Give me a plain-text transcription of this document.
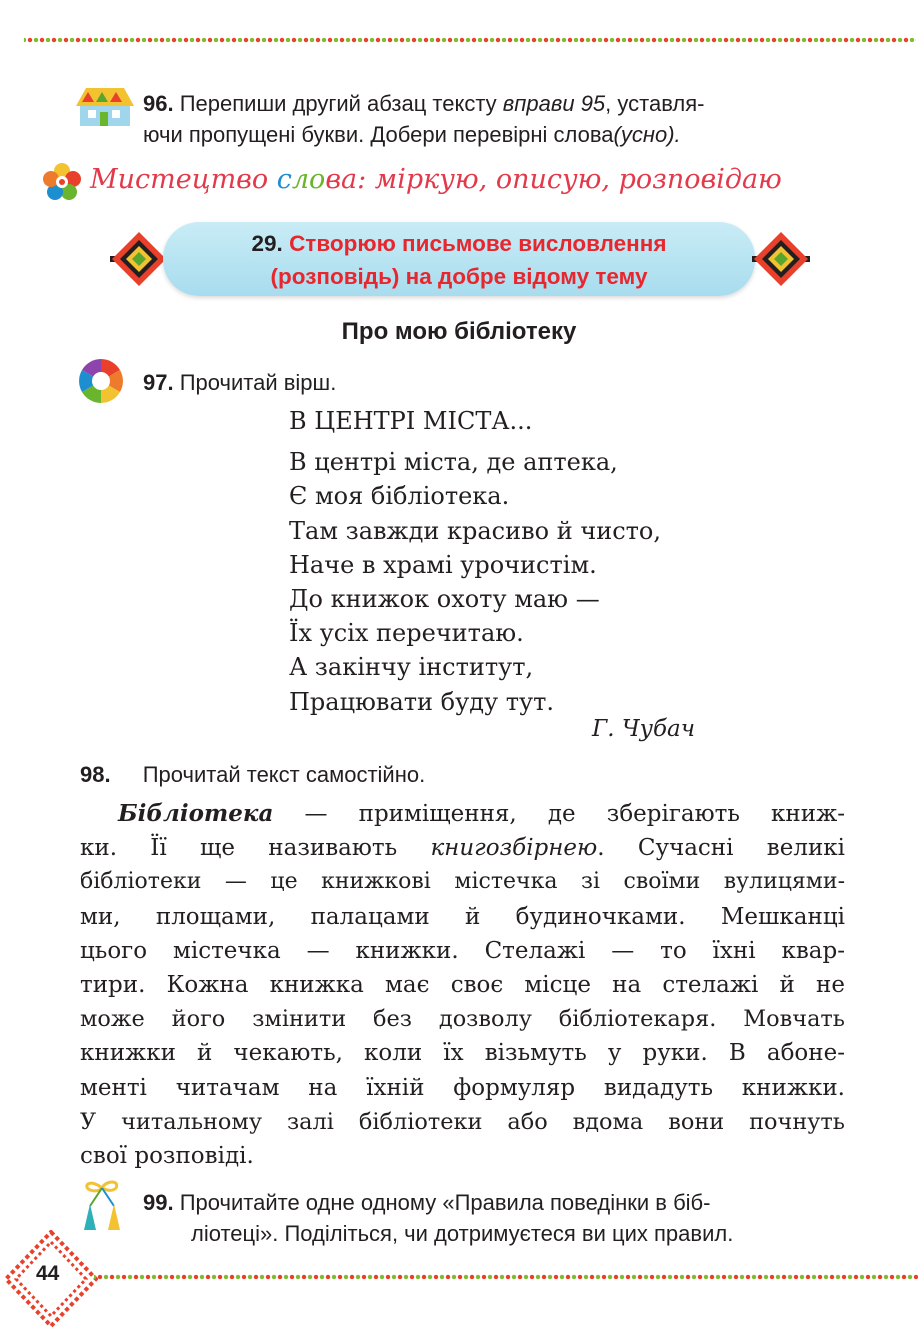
96. Перепиши другий абзац тексту вправи 95, уставля-
ючи пропущені букви. Добери перевірні слова(усно).
Мистецтво слова: міркую, описую, розповідаю
29. Створюю письмове висловлення
(розповідь) на добре відому тему
Про мою бібліотеку
97. Прочитай вірш.
В ЦЕНТРІ МІСТА...
В центрі міста, де аптека,
Є моя бібліотека.
Там завжди красиво й чисто,
Наче в храмі урочистім.
До книжок охоту маю —
Їх усіх перечитаю.
А закінчу інститут,
Працювати буду тут.
Г. Чубач
98. Прочитай текст самостійно.
Бібліотека — приміщення, де зберігають книж-
ки. Її ще називають книгозбірнею. Сучасні великі
бібліотеки — це книжкові містечка зі своїми вулицями-
ми, площами, палацами й будиночками. Мешканці
цього містечка — книжки. Стелажі — то їхні квар-
тири. Кожна книжка має своє місце на стелажі й не
може його змінити без дозволу бібліотекаря. Мовчать
книжки й чекають, коли їх візьмуть у руки. В абоне-
менті читачам на їхній формуляр видадуть книжки.
У читальному залі бібліотеки або вдома вони почнуть
свої розповіді.
99. Прочитайте одне одному «Правила поведінки в біб-
ліотеці». Поділіться, чи дотримуєтеся ви цих правил.
44
